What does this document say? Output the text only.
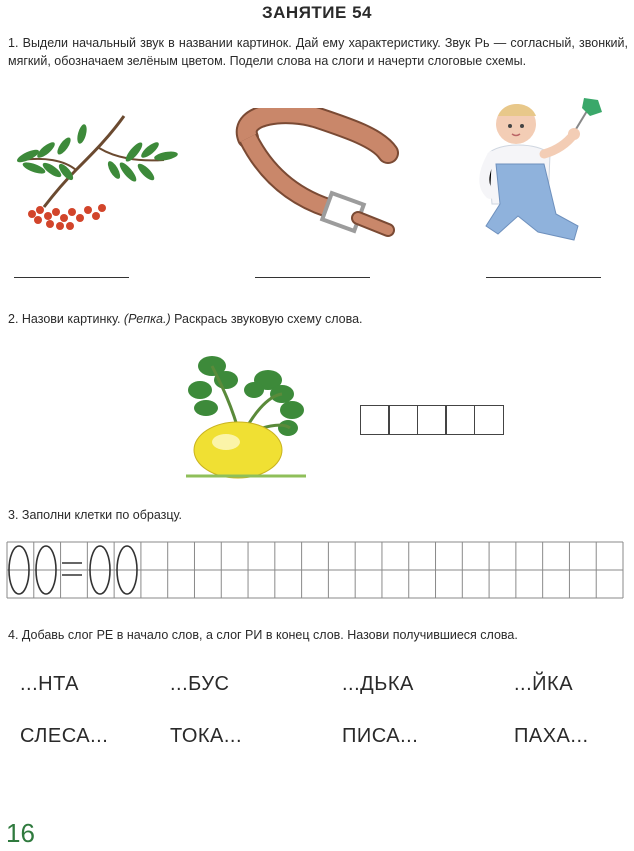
ЗАНЯТИЕ 54
1. Выдели начальный звук в названии картинок. Дай ему характеристику. Звук Рь — согласный, звонкий, мягкий, обозначаем зелёным цветом. Подели слова на слоги и начерти слоговые схемы.
2. Назови картинку. (Репка.) Раскрась звуковую схему слова.
3. Заполни клетки по образцу.
4. Добавь слог РЕ в начало слов, а слог РИ в конец слов. Назови получившиеся слова.
...НТА	...БУС	...ДЬКА	...ЙКА
СЛЕСА...	ТОКА...	ПИСА...	ПАХА...
16
